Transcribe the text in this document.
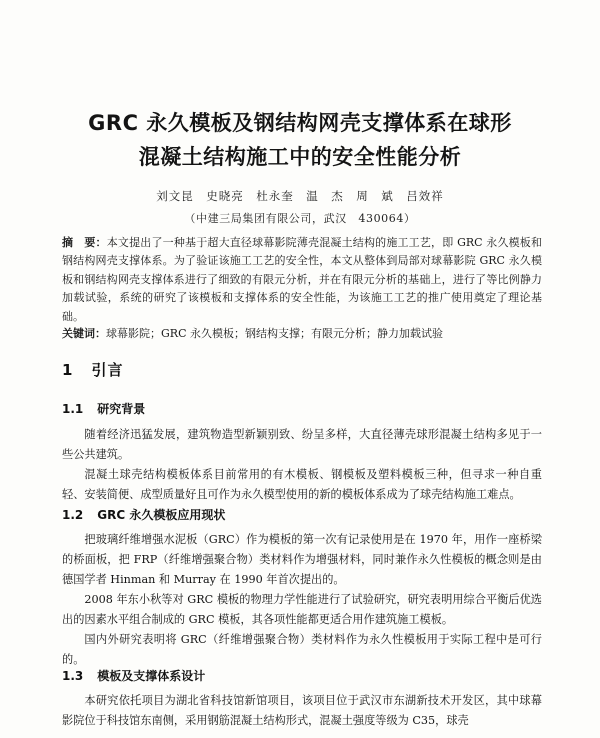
GRC 永久模板及钢结构网壳支撑体系在球形
混凝土结构施工中的安全性能分析
刘文昆　史晓亮　杜永奎　温　杰　周　斌　吕效祥
（中建三局集团有限公司，武汉　430064）
摘　要：本文提出了一种基于超大直径球幕影院薄壳混凝土结构的施工工艺，即 GRC 永久模板和钢结构网壳支撑体系。为了验证该施工工艺的安全性，本文从整体到局部对球幕影院 GRC 永久模板和钢结构网壳支撑体系进行了细致的有限元分析，并在有限元分析的基础上，进行了等比例静力加载试验，系统的研究了该模板和支撑体系的安全性能，为该施工工艺的推广使用奠定了理论基础。
关键词：球幕影院；GRC 永久模板；钢结构支撑；有限元分析；静力加载试验
1 引言
1.1 研究背景
随着经济迅猛发展，建筑物造型新颖别致、纷呈多样，大直径薄壳球形混凝土结构多见于一些公共建筑。
混凝土球壳结构模板体系目前常用的有木模板、钢模板及塑料模板三种，但寻求一种自重轻、安装简便、成型质量好且可作为永久模型使用的新的模板体系成为了球壳结构施工难点。
1.2 GRC 永久模板应用现状
把玻璃纤维增强水泥板（GRC）作为模板的第一次有记录使用是在 1970 年，用作一座桥梁的桥面板，把 FRP（纤维增强聚合物）类材料作为增强材料，同时兼作永久性模板的概念则是由德国学者 Hinman 和 Murray 在 1990 年首次提出的。
2008 年东小秋等对 GRC 模板的物理力学性能进行了试验研究，研究表明用综合平衡后优选出的因素水平组合制成的 GRC 模板，其各项性能都更适合用作建筑施工模板。
国内外研究表明将 GRC（纤维增强聚合物）类材料作为永久性模板用于实际工程中是可行的。
1.3 模板及支撑体系设计
本研究依托项目为湖北省科技馆新馆项目，该项目位于武汉市东湖新技术开发区，其中球幕影院位于科技馆东南侧，采用钢筋混凝土结构形式，混凝土强度等级为 C35，球壳
